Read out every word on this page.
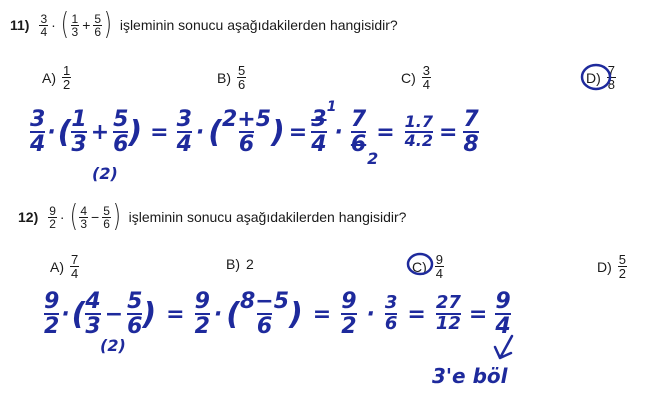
$11) \frac{3}{4}$ · ( $\frac{1}{3} + \frac{5}{6}$ ) işleminin sonucu aşağıdakilerden hangisidir?
$A) \frac{1}{2}$	$B) \frac{5}{6}$	$C) \frac{3}{4}$	$D) \frac{7}{8}$
3
4 · ( 1
$3 + \frac{5}{6}$ ) = $\frac{3}{4}$ · ( 2+5
6 ) =
3
4
1
·
7
6
2
= $\frac{1.7}{4.2} = \frac{7}{8}$
(2)
$12) \frac{9}{2}$ · ( $\frac{4}{3} - \frac{5}{6}$ ) işleminin sonucu aşağıdakilerden hangisidir?
$A) \frac{7}{4}$	B) 2	$C) \frac{9}{4}$	$D) \frac{5}{2}$
9
2 · ( 4
$3 - \frac{5}{6}$ ) = $\frac{9}{2}$ · ( 8−5
6 ) = $\frac{9}{2} \cdot \frac{3}{6} = \frac{27}{12} = \frac{9}{4}$
(2)
3'e böl
